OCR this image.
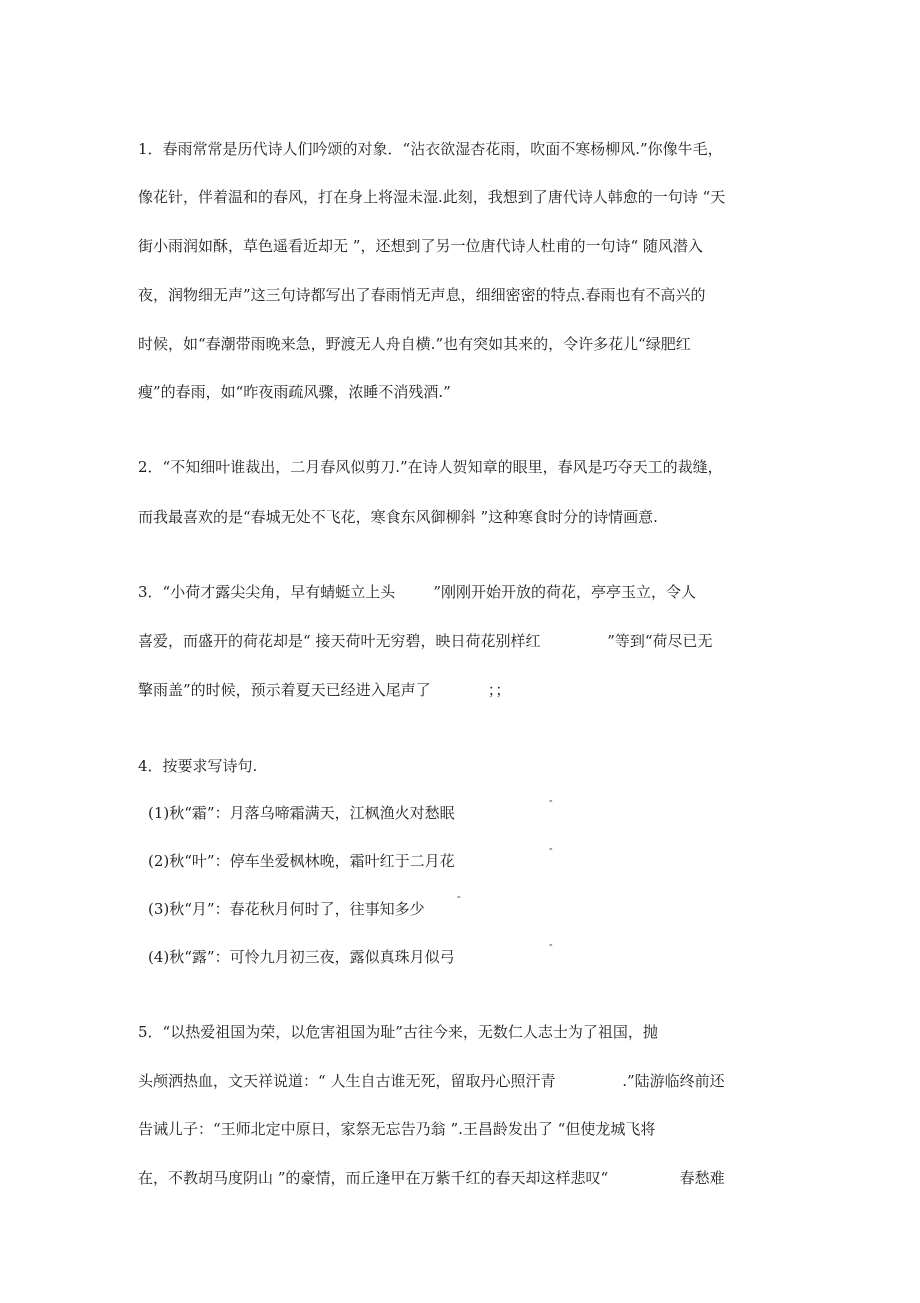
1．春雨常常是历代诗人们吟颂的对象．“沾衣欲湿杏花雨，吹面不寒杨柳风.”你像牛毛，
像花针，伴着温和的春风，打在身上将湿未湿.此刻，我想到了唐代诗人韩愈的一句诗 “天
街小雨润如酥，草色遥看近却无 ”，还想到了另一位唐代诗人杜甫的一句诗“ 随风潜入
夜，润物细无声”这三句诗都写出了春雨悄无声息，细细密密的特点.春雨也有不高兴的
时候，如“春潮带雨晚来急，野渡无人舟自横.”也有突如其来的，令许多花儿“绿肥红
瘦”的春雨，如“昨夜雨疏风骤，浓睡不消残酒.”
2．“不知细叶谁裁出，二月春风似剪刀.”在诗人贺知章的眼里，春风是巧夺天工的裁缝，
而我最喜欢的是“春城无处不飞花，寒食东风御柳斜 ”这种寒食时分的诗情画意.
3．“小荷才露尖尖角，早有蜻蜓立上头        ”刚刚开始开放的荷花，亭亭玉立，令人
喜爱，而盛开的荷花却是“ 接天荷叶无穷碧，映日荷花别样红              ”等到“荷尽已无
擎雨盖”的时候，预示着夏天已经进入尾声了            ；；
4．按要求写诗句.
(1)秋“霜”：月落乌啼霜满天，江枫渔火对愁眠	ˆ
(2)秋“叶”：停车坐爱枫林晚，霜叶红于二月花	ˆ
(3)秋“月”：春花秋月何时了，往事知多少	ˆ
(4)秋“露”：可怜九月初三夜，露似真珠月似弓	ˆ
5．“以热爱祖国为荣，以危害祖国为耻”古往今来，无数仁人志士为了祖国，抛
头颅洒热血，文天祥说道：“ 人生自古谁无死，留取丹心照汗青              .”陆游临终前还
告诫儿子：“王师北定中原日，家祭无忘告乃翁 ”.王昌龄发出了 “但使龙城飞将
在，不教胡马度阴山 ”的豪情，而丘逢甲在万紫千红的春天却这样悲叹“               春愁难
